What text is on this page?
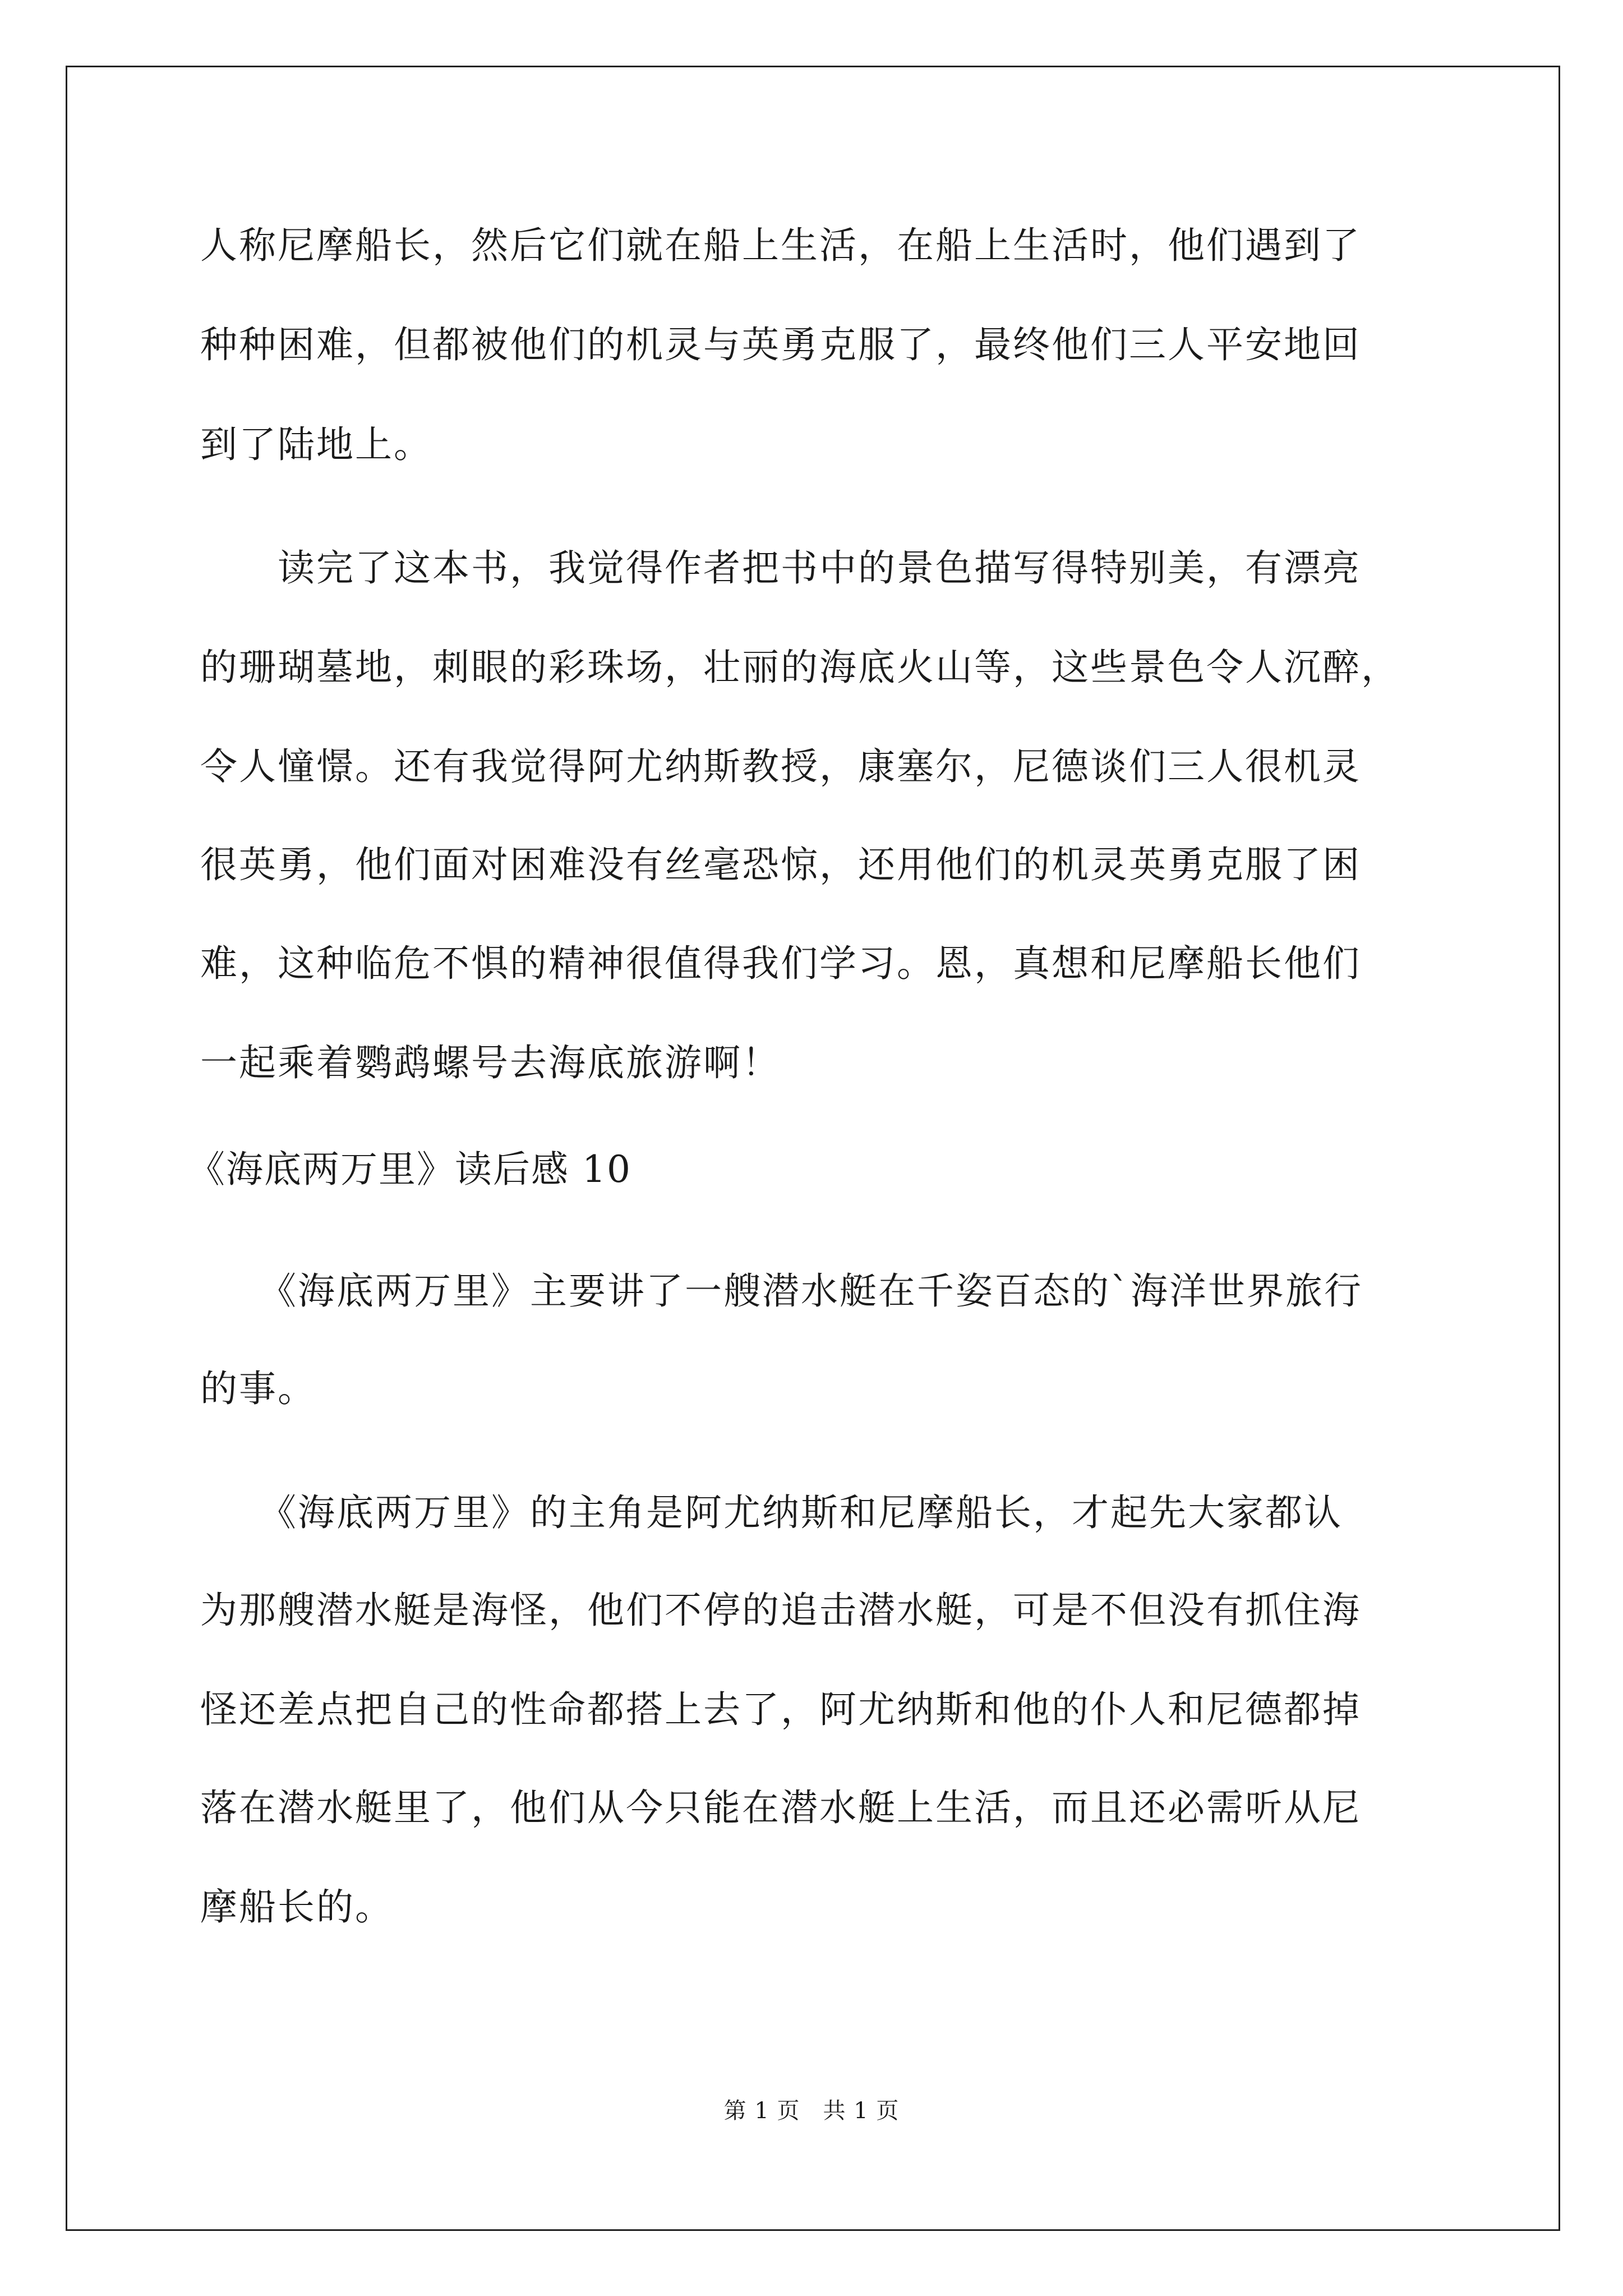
人称尼摩船长，然后它们就在船上生活，在船上生活时，他们遇到了
种种困难，但都被他们的机灵与英勇克服了，最终他们三人平安地回
到了陆地上。
　　读完了这本书，我觉得作者把书中的景色描写得特别美，有漂亮
的珊瑚墓地，刺眼的彩珠场，壮丽的海底火山等，这些景色令人沉醉，
令人憧憬。还有我觉得阿尤纳斯教授，康塞尔，尼德谈们三人很机灵
很英勇，他们面对困难没有丝毫恐惊，还用他们的机灵英勇克服了困
难，这种临危不惧的精神很值得我们学习。恩，真想和尼摩船长他们
一起乘着鹦鹉螺号去海底旅游啊！
《海底两万里》读后感 10
　　《海底两万里》主要讲了一艘潜水艇在千姿百态的`海洋世界旅行
的事。
　　《海底两万里》的主角是阿尤纳斯和尼摩船长，才起先大家都认
为那艘潜水艇是海怪，他们不停的追击潜水艇，可是不但没有抓住海
怪还差点把自己的性命都搭上去了，阿尤纳斯和他的仆人和尼德都掉
落在潜水艇里了，他们从今只能在潜水艇上生活，而且还必需听从尼
摩船长的。
第 1 页　共 1 页
